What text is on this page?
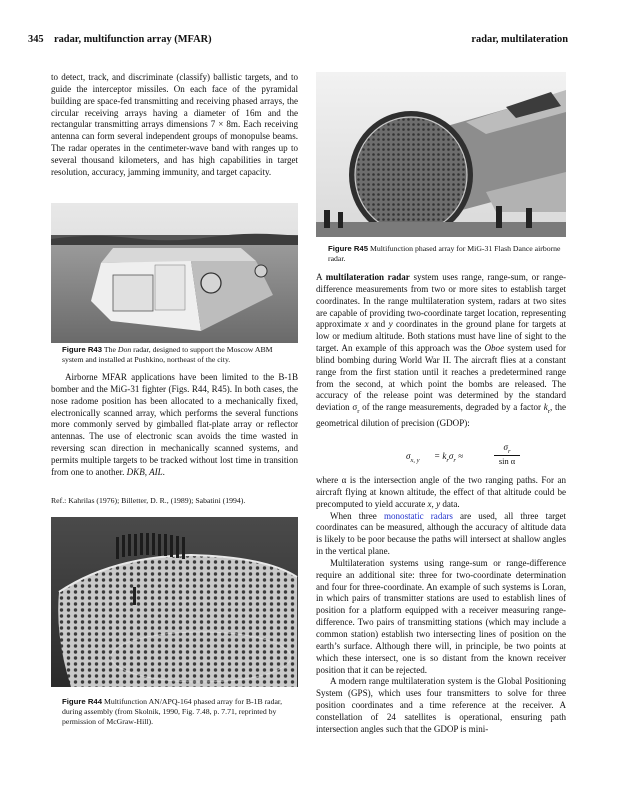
345 radar, multifunction array (MFAR)	radar, multilateration

to detect, track, and discriminate (classify) ballistic targets, and to guide the interceptor missiles. On each face of the pyramidal building are space-fed transmitting and receiving phased arrays, the circular receiving arrays having a diameter of 16m and the rectangular transmitting arrays dimensions 7 × 8m. Each receiving antenna can form several independent groups of monopulse beams. The radar operates in the centimeter-wave band with ranges up to several thousand kilometers, and has high capabilities in target resolution, accuracy, jamming immunity, and target capacity.

Figure R43 The Don radar, designed to support the Moscow ABM system and installed at Pushkino, northeast of the city.

Airborne MFAR applications have been limited to the B-1B bomber and the MiG-31 fighter (Figs. R44, R45). In both cases, the nose radome position has been allocated to a mechanically fixed, electronically scanned array, which performs the several functions more commonly served by gimballed flat-plate array or reflector antennas. The use of electronic scan avoids the time wasted in reversing scan direction in mechanically scanned systems, and permits multiple targets to be tracked without lost time in transition from one to another. DKB, AIL.

Ref.: Kahrilas (1976); Billetter, D. R., (1989); Sabatini (1994).
Figure R44 Multifunction AN/APQ-164 phased array for B-1B radar, during assembly (from Skolnik, 1990, Fig. 7.48, p. 7.71, reprinted by permission of McGraw-Hill).
Figure R45 Multifunction phased array for MiG-31 Flash Dance airborne radar.

A multilateration radar system uses range, range-sum, or range-difference measurements from two or more sites to establish target coordinates. In the range multilateration system, radars at two sites are capable of providing two-coordinate target location, representing approximate x and y coordinates in the ground plane for targets at low or medium altitude. Both stations must have line of sight to the target. An example of this approach was the Oboe system used for blind bombing during World War II. The aircraft flies at a constant range from the first station until it reaches a predetermined range from the second, at which point the bombs are released. The accuracy of the release point was determined by the standard deviation $\sigma_r$ of the range measurements, degraded by a factor $k_r$, the geometrical dilution of precision (GDOP):

$\sigma_{x, y} = k_r\sigma_r$ ≈
$\sigma_r$
sin α

where α is the intersection angle of the two ranging paths. For an aircraft flying at known altitude, the effect of that altitude could be precomputed to yield accurate x, y data.

When three monostatic radars are used, all three target coordinates can be measured, although the accuracy of altitude data is likely to be poor because the paths will intersect at shallow angles in the vertical plane.

Multilateration systems using range-sum or range-difference require an additional site: three for two-coordinate determination and four for three-coordinate. An example of such systems is Loran, in which pairs of transmitter stations are used to establish lines of position for a platform equipped with a receiver measuring range-difference. Two pairs of transmitting stations (which may include a common station) establish two intersecting lines of position on the earth’s surface. Although there will, in principle, be two points at which these intersect, one is so distant from the known receiver position that it can be rejected.

A modern range multilateration system is the Global Positioning System (GPS), which uses four transmitters to solve for three position coordinates and a time reference at the receiver. A constellation of 24 satellites is operational, ensuring path intersection angles such that the GDOP is mini-
